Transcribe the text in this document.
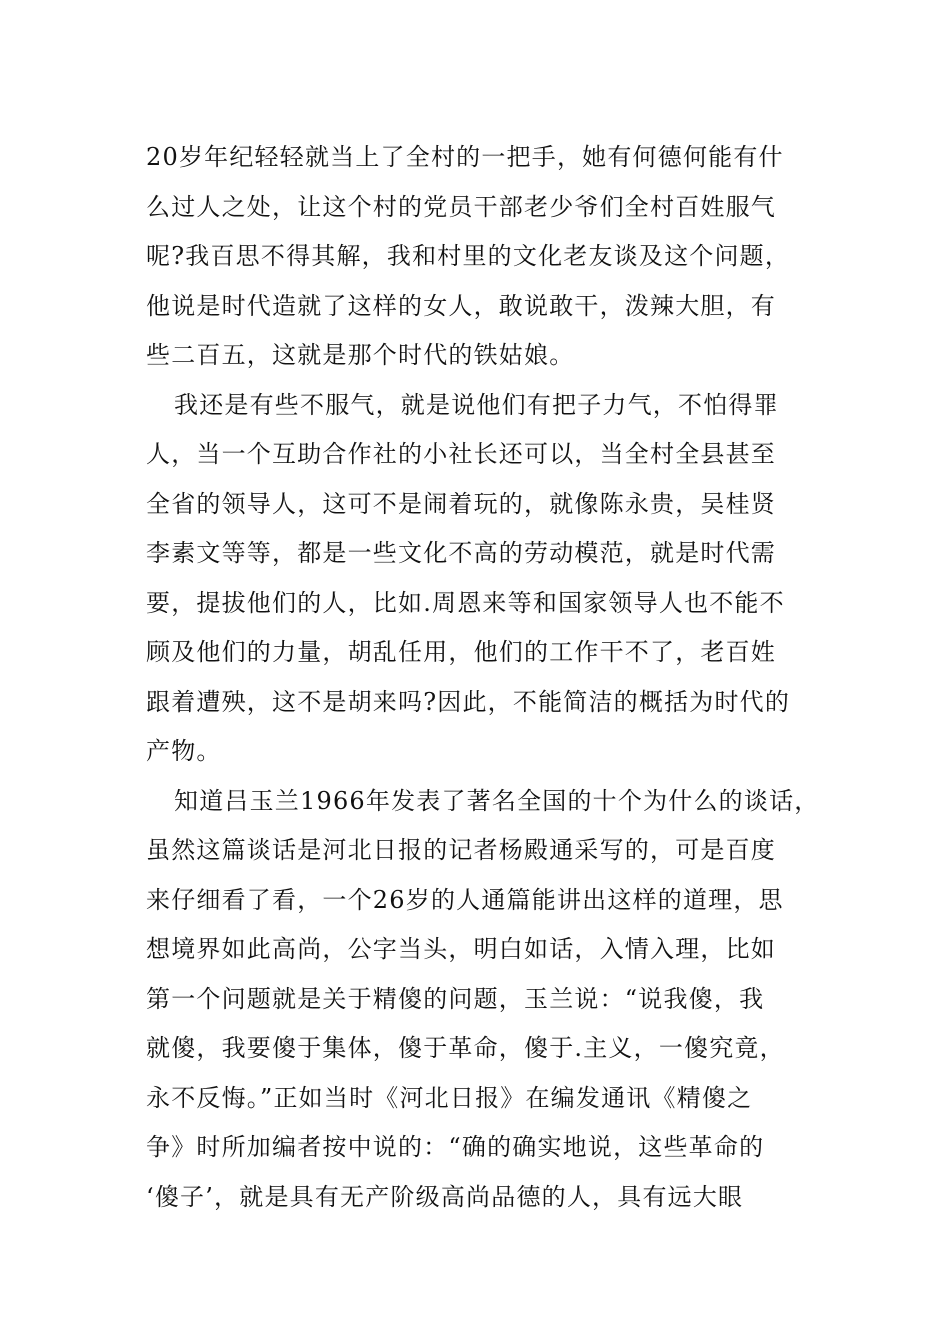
20岁年纪轻轻就当上了全村的一把手，她有何德何能有什
么过人之处，让这个村的党员干部老少爷们全村百姓服气
呢?我百思不得其解，我和村里的文化老友谈及这个问题，
他说是时代造就了这样的女人，敢说敢干，泼辣大胆，有
些二百五，这就是那个时代的铁姑娘。
我还是有些不服气，就是说他们有把子力气，不怕得罪
人，当一个互助合作社的小社长还可以，当全村全县甚至
全省的领导人，这可不是闹着玩的，就像陈永贵，吴桂贤
李素文等等，都是一些文化不高的劳动模范，就是时代需
要，提拔他们的人，比如.周恩来等和国家领导人也不能不
顾及他们的力量，胡乱任用，他们的工作干不了，老百姓
跟着遭殃，这不是胡来吗?因此，不能简洁的概括为时代的
产物。
知道吕玉兰1966年发表了著名全国的十个为什么的谈话，
虽然这篇谈话是河北日报的记者杨殿通采写的，可是百度
来仔细看了看，一个26岁的人通篇能讲出这样的道理，思
想境界如此高尚，公字当头，明白如话，入情入理，比如
第一个问题就是关于精傻的问题，玉兰说：“说我傻，我
就傻，我要傻于集体，傻于革命，傻于.主义，一傻究竟，
永不反悔。”正如当时《河北日报》在编发通讯《精傻之
争》时所加编者按中说的：“确的确实地说，这些革命的
‘傻子’，就是具有无产阶级高尚品德的人，具有远大眼
